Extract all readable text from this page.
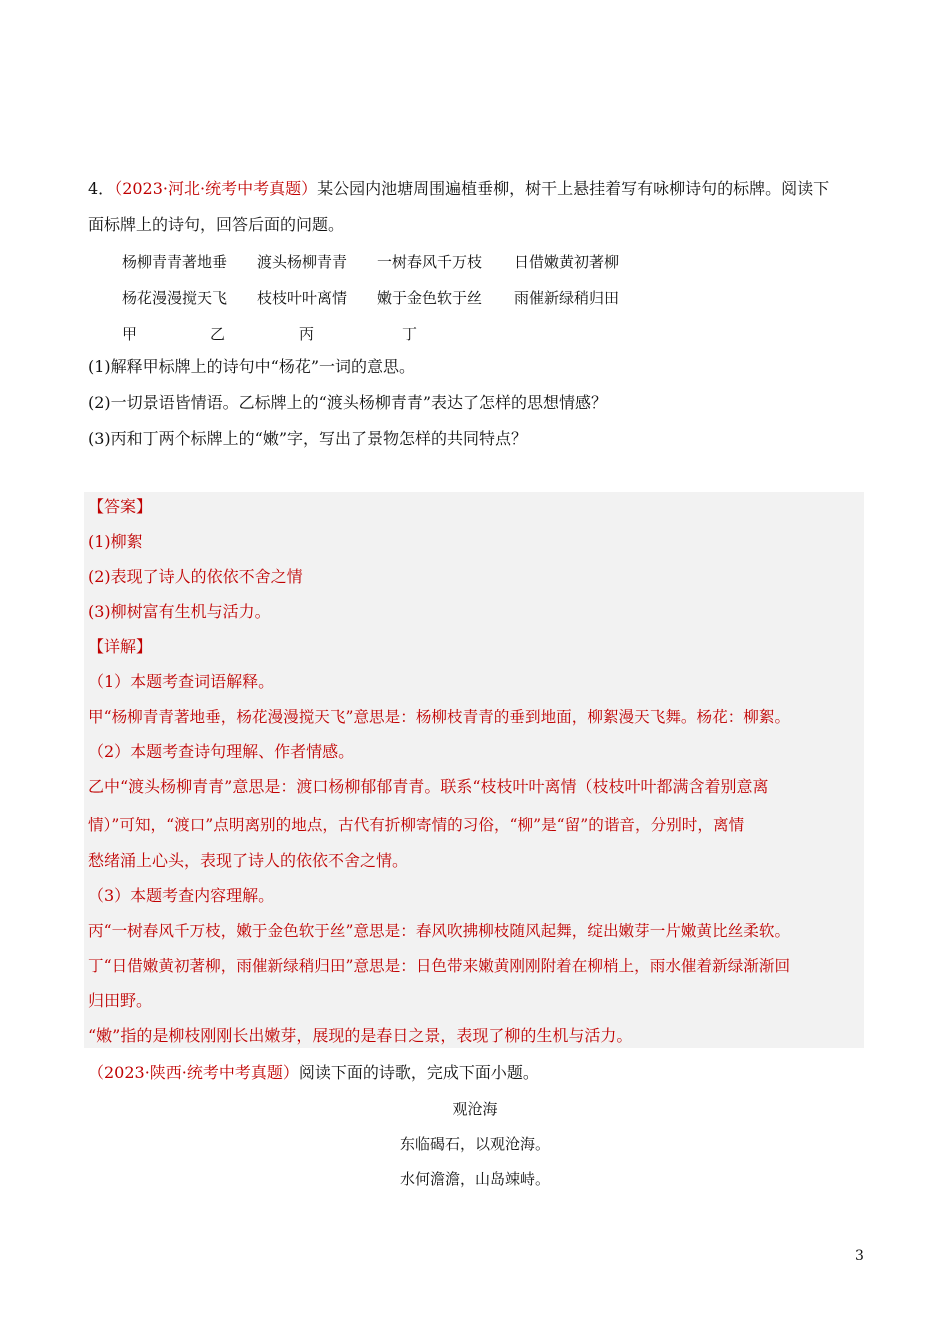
4．（2023·河北·统考中考真题）某公园内池塘周围遍植垂柳，树干上悬挂着写有咏柳诗句的标牌。阅读下
面标牌上的诗句，回答后面的问题。
杨柳青青著地垂 渡头杨柳青青 一树春风千万枝 日借嫩黄初著柳
杨花漫漫搅天飞 枝枝叶叶离情 嫩于金色软于丝 雨催新绿稍归田
甲	乙	丙	丁
(1)解释甲标牌上的诗句中“杨花”一词的意思。
(2)一切景语皆情语。乙标牌上的“渡头杨柳青青”表达了怎样的思想情感？
(3)丙和丁两个标牌上的“嫩”字，写出了景物怎样的共同特点？
【答案】
(1)柳絮
(2)表现了诗人的依依不舍之情
(3)柳树富有生机与活力。
【详解】
（1）本题考查词语解释。
甲“杨柳青青著地垂，杨花漫漫搅天飞”意思是：杨柳枝青青的垂到地面，柳絮漫天飞舞。杨花：柳絮。
（2）本题考查诗句理解、作者情感。
乙中“渡头杨柳青青”意思是：渡口杨柳郁郁青青。联系“枝枝叶叶离情（枝枝叶叶都满含着别意离
情）”可知，“渡口”点明离别的地点，古代有折柳寄情的习俗，“柳”是“留”的谐音，分别时，离情
愁绪涌上心头，表现了诗人的依依不舍之情。
（3）本题考查内容理解。
丙“一树春风千万枝，嫩于金色软于丝”意思是：春风吹拂柳枝随风起舞，绽出嫩芽一片嫩黄比丝柔软。
丁“日借嫩黄初著柳，雨催新绿稍归田”意思是：日色带来嫩黄刚刚附着在柳梢上，雨水催着新绿渐渐回
归田野。
“嫩”指的是柳枝刚刚长出嫩芽，展现的是春日之景，表现了柳的生机与活力。
（2023·陕西·统考中考真题）阅读下面的诗歌，完成下面小题。
观沧海
东临碣石，以观沧海。
水何澹澹，山岛竦峙。
3
